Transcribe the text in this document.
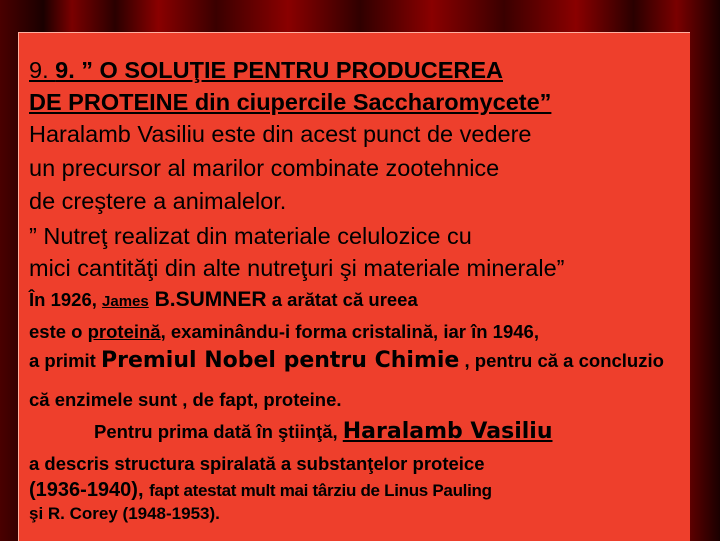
9. 9. ” O SOLUŢIE PENTRU PRODUCEREA
DE PROTEINE din ciupercile Saccharomycete”
Haralamb Vasiliu este din acest punct de vedere
un precursor al marilor combinate zootehnice
de creştere a animalelor.
” Nutreţ realizat din materiale celulozice cu
mici cantităţi din alte nutreţuri şi materiale minerale”
În 1926, James B.SUMNER a arătat că ureea
este o proteină, examinându-i forma cristalină, iar în 1946,
a primit Premiul Nobel pentru Chimie , pentru că a concluzio
că enzimele sunt , de fapt, proteine.
Pentru prima dată în ştiinţă, Haralamb Vasiliu
a descris structura spiralată a substanţelor proteice
(1936-1940), fapt atestat mult mai târziu de Linus Pauling
şi R. Corey (1948-1953).
